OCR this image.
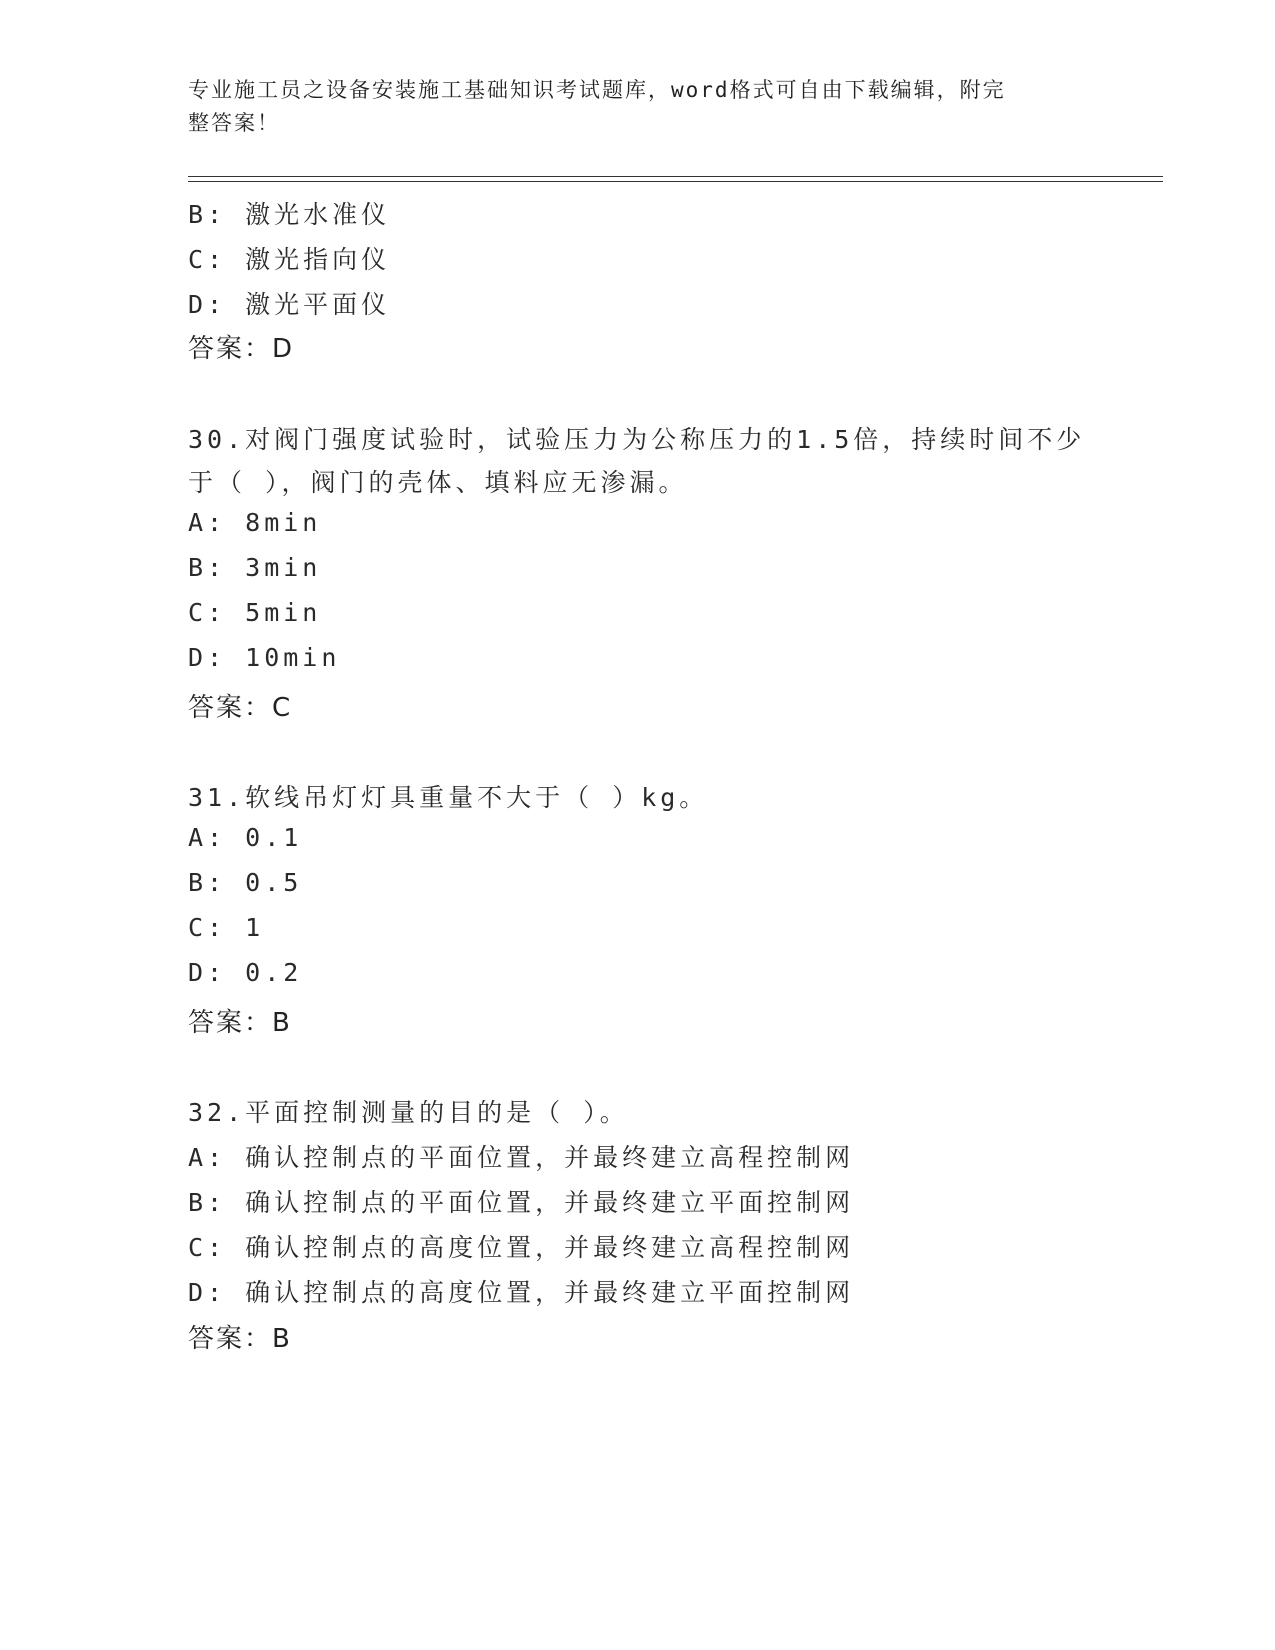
专业施工员之设备安装施工基础知识考试题库，word格式可自由下载编辑，附完
整答案！
B: 激光水准仪
C: 激光指向仪
D: 激光平面仪
答案：D
30.对阀门强度试验时，试验压力为公称压力的1.5倍，持续时间不少
于（ ），阀门的壳体、填料应无渗漏。
A: 8min
B: 3min
C: 5min
D: 10min
答案：C
31.软线吊灯灯具重量不大于（ ）kg。
A: 0.1
B: 0.5
C: 1
D: 0.2
答案：B
32.平面控制测量的目的是（ ）。
A: 确认控制点的平面位置，并最终建立高程控制网
B: 确认控制点的平面位置，并最终建立平面控制网
C: 确认控制点的高度位置，并最终建立高程控制网
D: 确认控制点的高度位置，并最终建立平面控制网
答案：B
